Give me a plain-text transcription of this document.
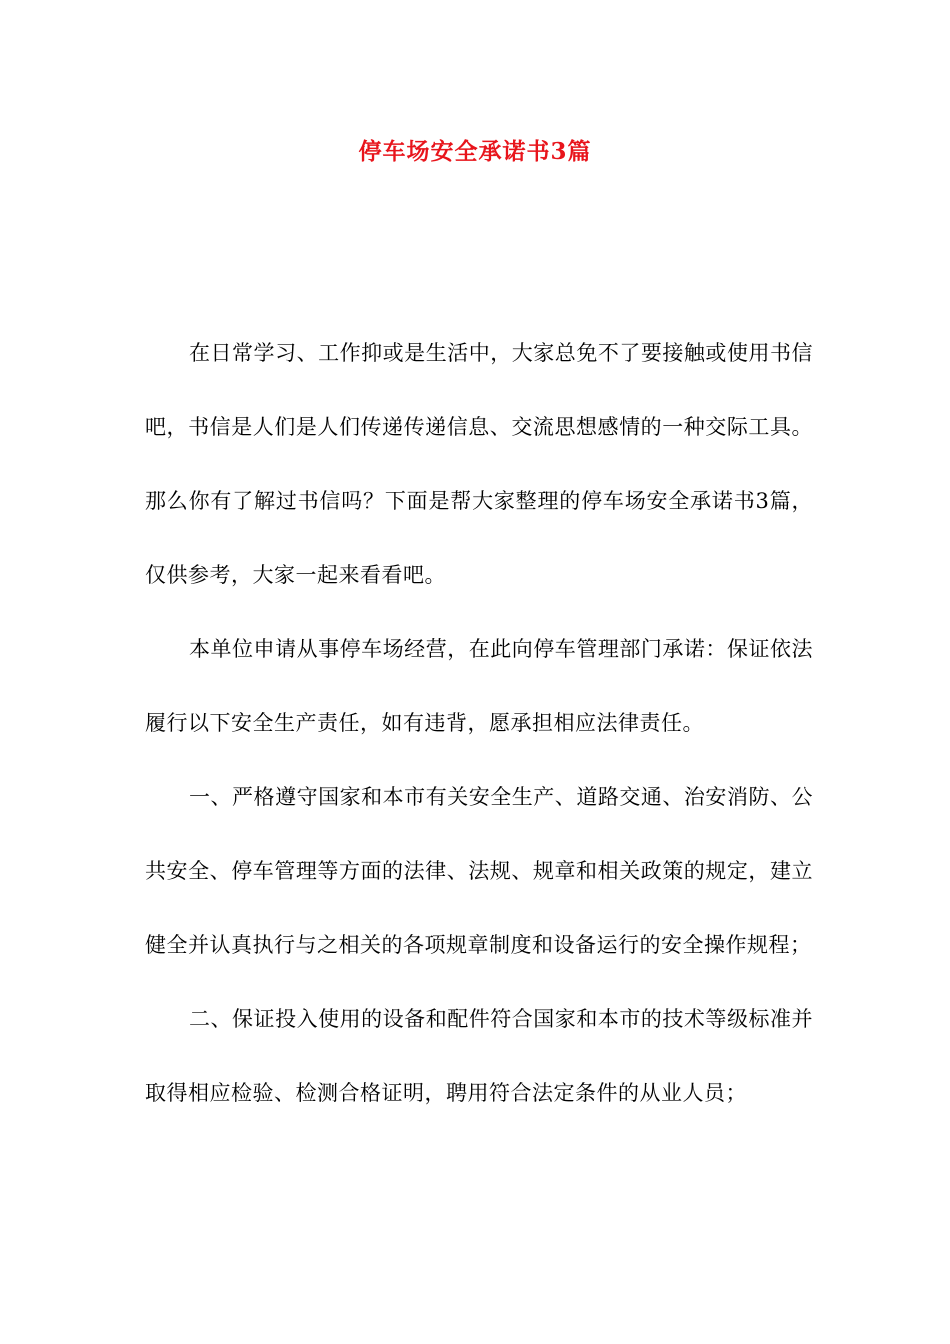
停车场安全承诺书3篇

在日常学习、工作抑或是生活中，大家总免不了要接触或使用书信吧，书信是人们是人们传递传递信息、交流思想感情的一种交际工具。那么你有了解过书信吗？下面是帮大家整理的停车场安全承诺书3篇，仅供参考，大家一起来看看吧。

本单位申请从事停车场经营，在此向停车管理部门承诺：保证依法履行以下安全生产责任，如有违背，愿承担相应法律责任。

一、严格遵守国家和本市有关安全生产、道路交通、治安消防、公共安全、停车管理等方面的法律、法规、规章和相关政策的规定，建立健全并认真执行与之相关的各项规章制度和设备运行的安全操作规程；

二、保证投入使用的设备和配件符合国家和本市的技术等级标准并取得相应检验、检测合格证明，聘用符合法定条件的从业人员；
